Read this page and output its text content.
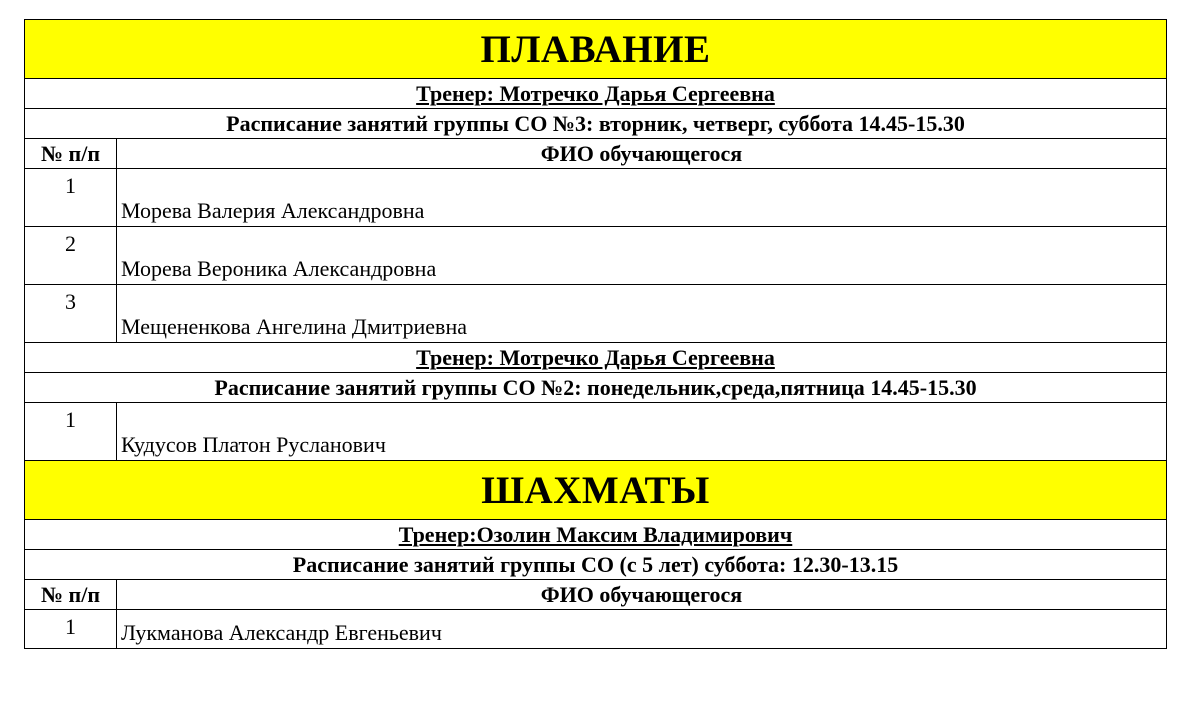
ПЛАВАНИЕ	
Тренер: Мотречко Дарья Сергеевна	
Расписание занятий группы СО №3: вторник, четверг, суббота 14.45-15.30	
№ п/п	ФИО обучающегося
1	Морева Валерия Александровна
2	Морева Вероника Александровна
3	Мещененкова Ангелина Дмитриевна
Тренер: Мотречко Дарья Сергеевна	
Расписание занятий группы СО №2: понедельник,среда,пятница 14.45-15.30	
1	Кудусов Платон Русланович
ШАХМАТЫ	
Тренер:Озолин Максим Владимирович	
Расписание занятий группы СО (с 5 лет) суббота: 12.30-13.15	
№ п/п	ФИО обучающегося
1	Лукманова Александр Евгеньевич
